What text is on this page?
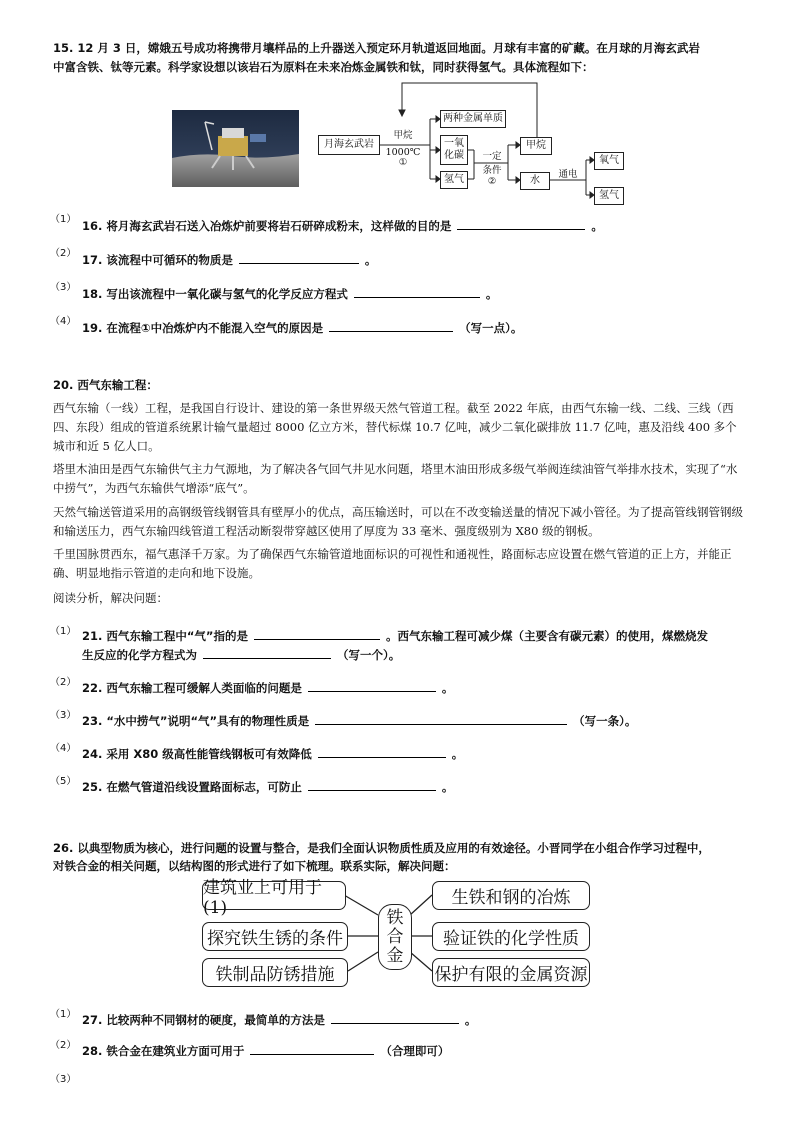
15. 12 月 3 日，嫦娥五号成功将携带月壤样品的上升器送入预定环月轨道返回地面。月球有丰富的矿藏。在月球的月海玄武岩
中富含铁、钛等元素。科学家设想以该岩石为原料在未来冶炼金属铁和钛，同时获得氢气。具体流程如下：
月海玄武岩
甲烷
1000℃
①
两种金属单质
一氧
化碳
氢气
一定
条件
②
甲烷
水
通电
氧气
氢气
（1） 16. 将月海玄武岩石送入冶炼炉前要将岩石研碎成粉末，这样做的目的是	。
（2） 17. 该流程中可循环的物质是	。
（3） 18. 写出该流程中一氧化碳与氢气的化学反应方程式	。
（4） 19. 在流程①中冶炼炉内不能混入空气的原因是	（写一点）。
20. 西气东输工程：
西气东输（一线）工程，是我国自行设计、建设的第一条世界级天然气管道工程。截至 2022 年底，由西气东输一线、二线、三线（西四、东段）组成的管道系统累计输气量超过 8000 亿立方米，替代标煤 10.7 亿吨，减少二氧化碳排放 11.7 亿吨，惠及沿线 400 多个城市和近 5 亿人口。
塔里木油田是西气东输供气主力气源地，为了解决各气回气井见水问题，塔里木油田形成多级气举阀连续油管气举排水技术，实现了“水中捞气”，为西气东输供气增添“底气”。
天然气输送管道采用的高钢级管线钢管具有壁厚小的优点，高压输送时，可以在不改变输送量的情况下减小管径。为了提高管线钢管钢级和输送压力，西气东输四线管道工程活动断裂带穿越区使用了厚度为 33 毫米、强度级别为 X80 级的钢板。
千里国脉贯西东，福气惠泽千万家。为了确保西气东输管道地面标识的可视性和通视性，路面标志应设置在燃气管道的正上方，并能正确、明显地指示管道的走向和地下设施。
阅读分析，解决问题：
（1） 21. 西气东输工程中“气”指的是	。西气东输工程可减少煤（主要含有碳元素）的使用，煤燃烧发
生反应的化学方程式为	（写一个）。
（2） 22. 西气东输工程可缓解人类面临的问题是	。
（3） 23. “水中捞气”说明“气”具有的物理性质是	（写一条）。
（4） 24. 采用 X80 级高性能管线钢板可有效降低	。
（5） 25. 在燃气管道沿线设置路面标志，可防止	。
26. 以典型物质为核心，进行问题的设置与整合，是我们全面认识物质性质及应用的有效途径。小晋同学在小组合作学习过程中，
对铁合金的相关问题，以结构图的形式进行了如下梳理。联系实际，解决问题：
建筑业上可用于(1)
探究铁生锈的条件
铁制品防锈措施
铁
合
金
生铁和钢的冶炼
验证铁的化学性质
保护有限的金属资源
（1） 27. 比较两种不同钢材的硬度，最简单的方法是	。
（2） 28. 铁合金在建筑业方面可用于	（合理即可）
（3）
